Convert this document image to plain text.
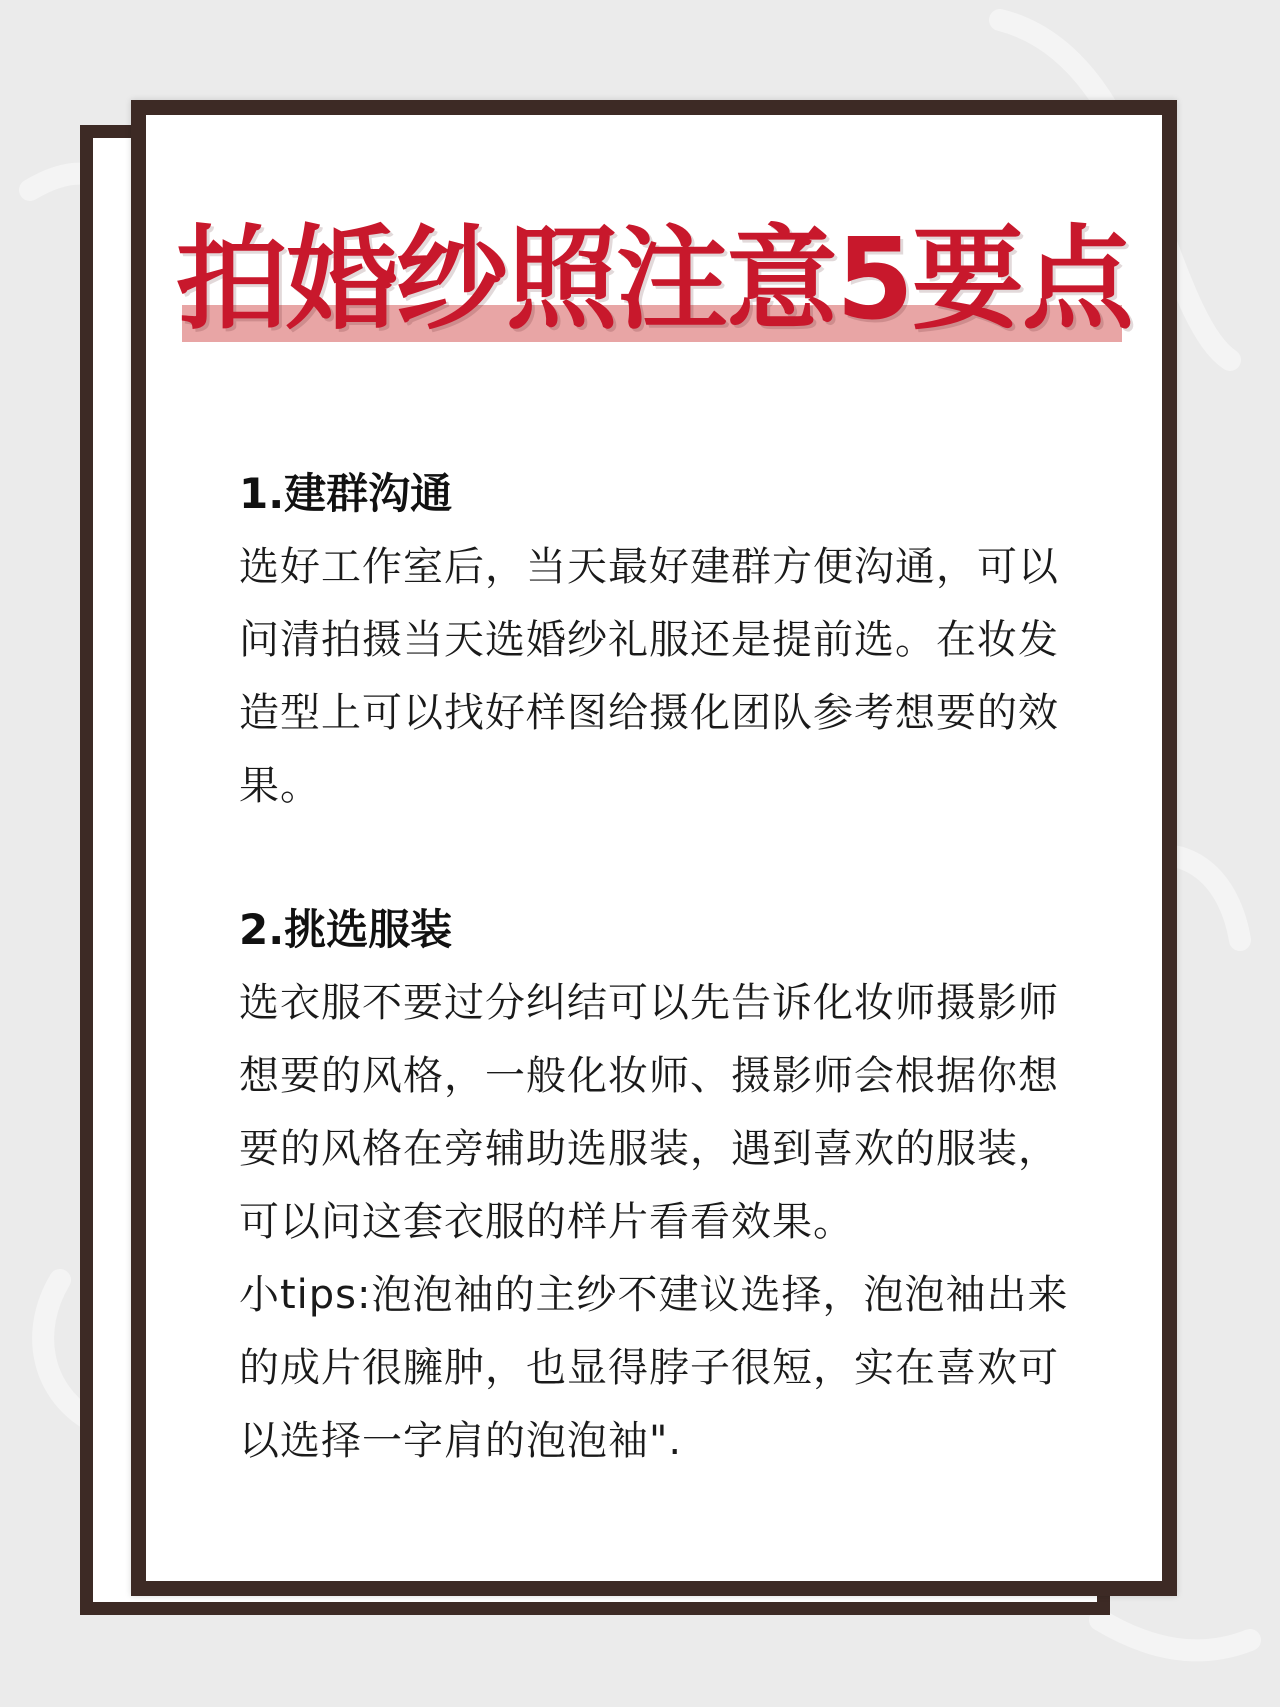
拍婚纱照注意5要点
1.建群沟通

选好工作室后，当天最好建群方便沟通，可以问清拍摄当天选婚纱礼服还是提前选。在妆发造型上可以找好样图给摄化团队参考想要的效果。

2.挑选服装

选衣服不要过分纠结可以先告诉化妆师摄影师想要的风格，一般化妆师、摄影师会根据你想要的风格在旁辅助选服装，遇到喜欢的服装，可以问这套衣服的样片看看效果。

小tips:泡泡袖的主纱不建议选择，泡泡袖出来的成片很臃肿，也显得脖子很短，实在喜欢可以选择一字肩的泡泡袖".
